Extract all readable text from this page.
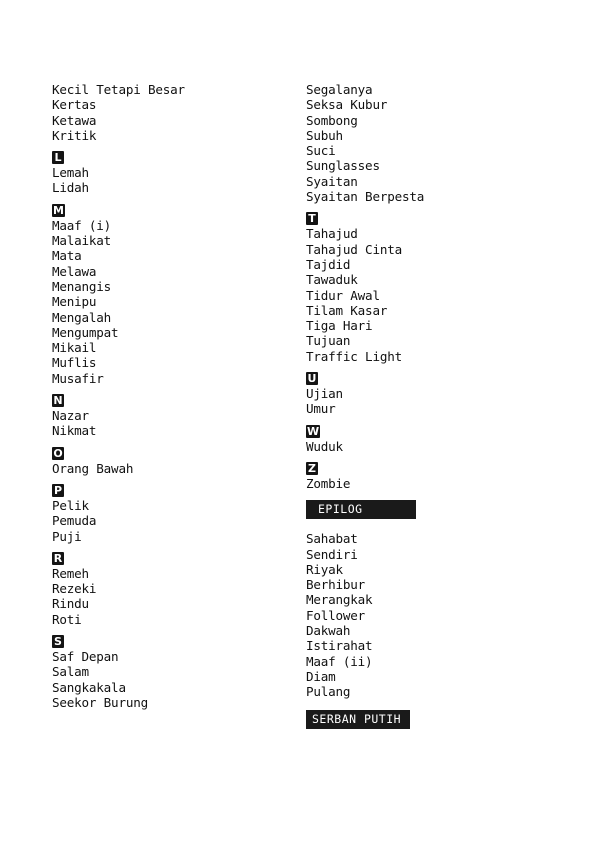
Kecil Tetapi Besar
Kertas
Ketawa
Kritik
L
Lemah
Lidah
M
Maaf (i)
Malaikat
Mata
Melawa
Menangis
Menipu
Mengalah
Mengumpat
Mikail
Muflis
Musafir
N
Nazar
Nikmat
O
Orang Bawah
P
Pelik
Pemuda
Puji
R
Remeh
Rezeki
Rindu
Roti
S
Saf Depan
Salam
Sangkakala
Seekor Burung
Segalanya
Seksa Kubur
Sombong
Subuh
Suci
Sunglasses
Syaitan
Syaitan Berpesta
T
Tahajud
Tahajud Cinta
Tajdid
Tawaduk
Tidur Awal
Tilam Kasar
Tiga Hari
Tujuan
Traffic Light
U
Ujian
Umur
W
Wuduk
Z
Zombie
EPILOG
Sahabat
Sendiri
Riyak
Berhibur
Merangkak
Follower
Dakwah
Istirahat
Maaf (ii)
Diam
Pulang
SERBAN PUTIH
